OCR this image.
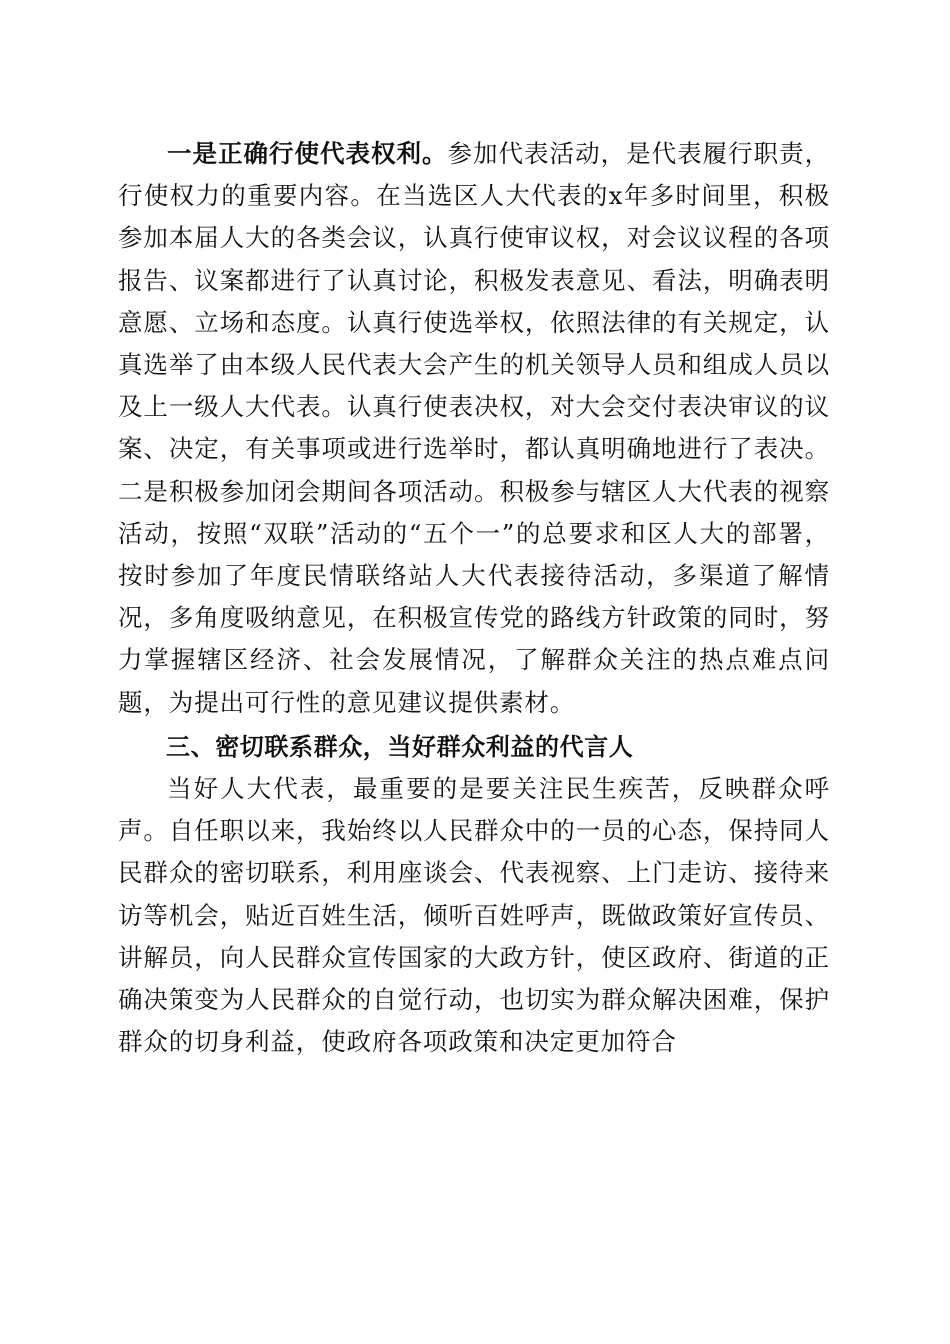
一是正确行使代表权利。参加代表活动，是代表履行职责，行使权力的重要内容。在当选区人大代表的x年多时间里，积极参加本届人大的各类会议，认真行使审议权，对会议议程的各项报告、议案都进行了认真讨论，积极发表意见、看法，明确表明意愿、立场和态度。认真行使选举权，依照法律的有关规定，认真选举了由本级人民代表大会产生的机关领导人员和组成人员以及上一级人大代表。认真行使表决权，对大会交付表决审议的议案、决定，有关事项或进行选举时，都认真明确地进行了表决。二是积极参加闭会期间各项活动。积极参与辖区人大代表的视察活动，按照“双联”活动的“五个一”的总要求和区人大的部署，按时参加了年度民情联络站人大代表接待活动，多渠道了解情况，多角度吸纳意见，在积极宣传党的路线方针政策的同时，努力掌握辖区经济、社会发展情况，了解群众关注的热点难点问题，为提出可行性的意见建议提供素材。

三、密切联系群众，当好群众利益的代言人

当好人大代表，最重要的是要关注民生疾苦，反映群众呼声。自任职以来，我始终以人民群众中的一员的心态，保持同人民群众的密切联系，利用座谈会、代表视察、上门走访、接待来访等机会，贴近百姓生活，倾听百姓呼声，既做政策好宣传员、讲解员，向人民群众宣传国家的大政方针，使区政府、街道的正确决策变为人民群众的自觉行动，也切实为群众解决困难，保护群众的切身利益，使政府各项政策和决定更加符合
